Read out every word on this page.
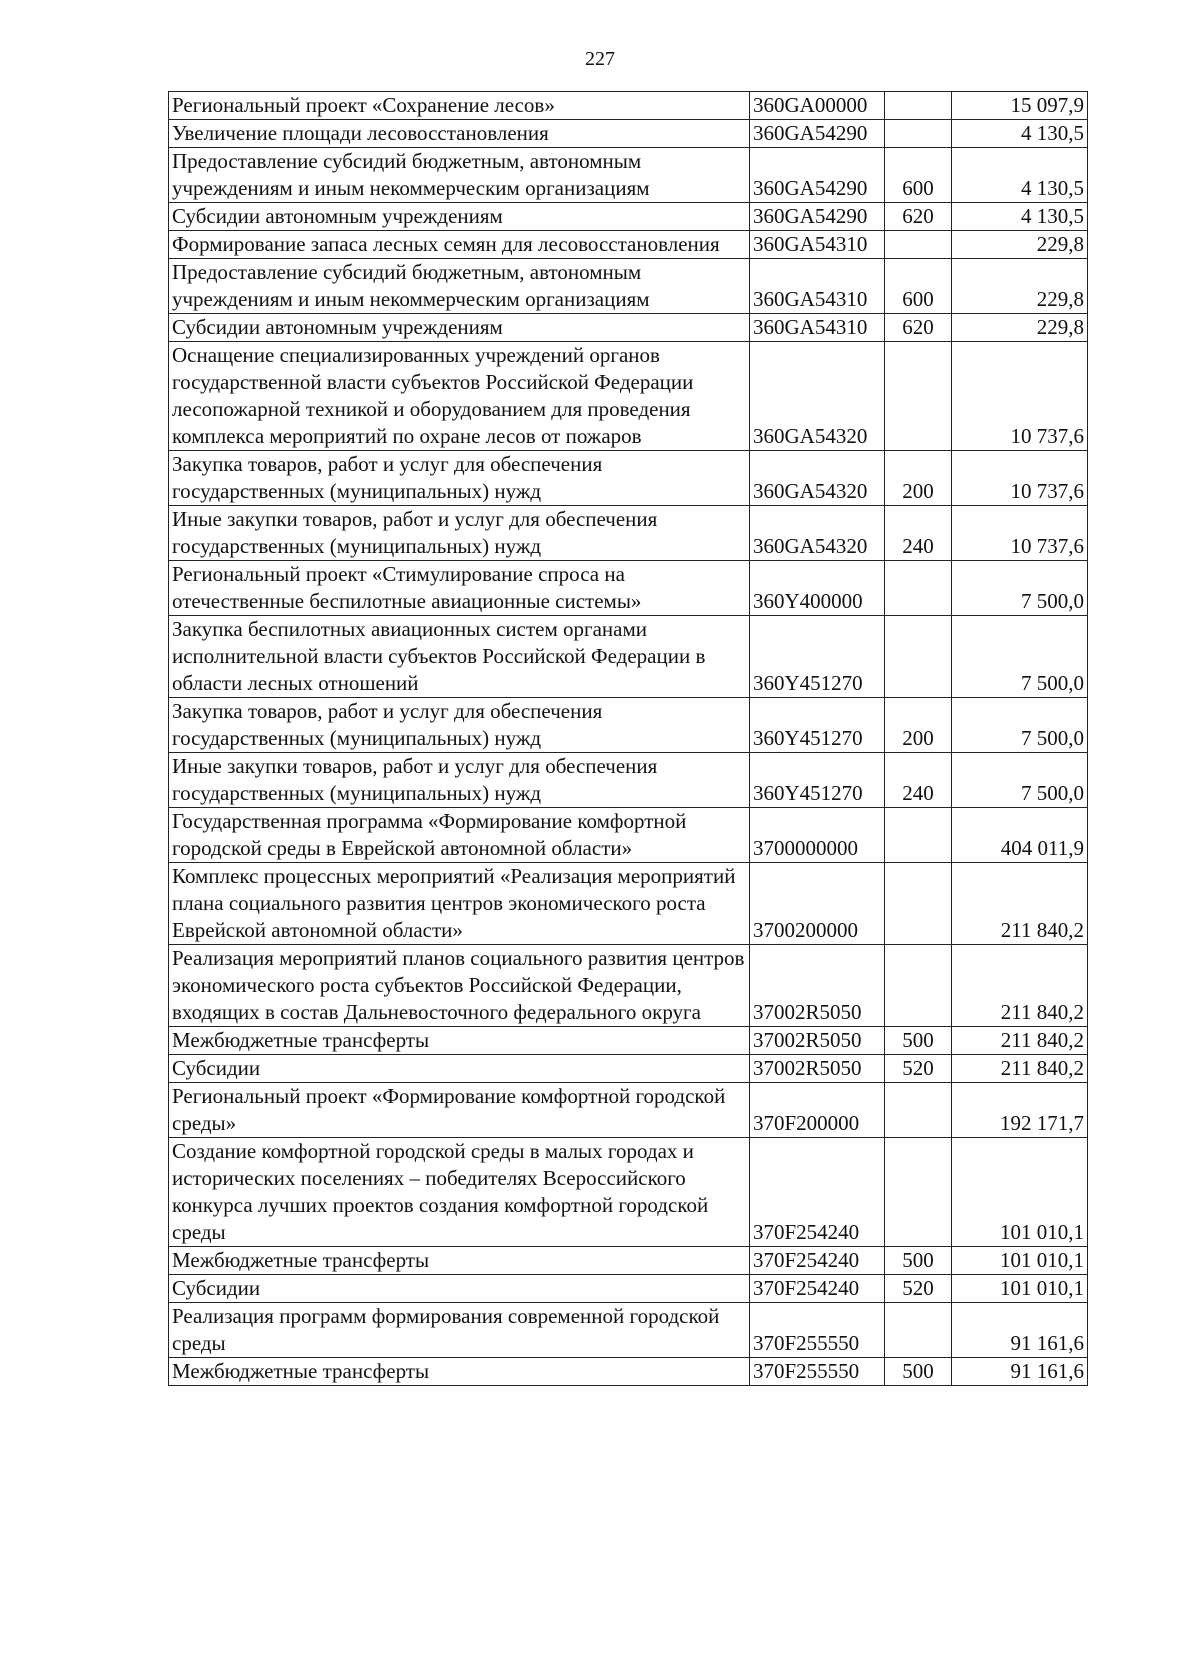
227
Региональный проект «Сохранение лесов»	360GA00000		15 097,9
Увеличение площади лесовосстановления	360GA54290		4 130,5
Предоставление субсидий бюджетным, автономным учреждениям и иным некоммерческим организациям	360GA54290	600	4 130,5
Субсидии автономным учреждениям	360GA54290	620	4 130,5
Формирование запаса лесных семян для лесовосстановления	360GA54310		229,8
Предоставление субсидий бюджетным, автономным учреждениям и иным некоммерческим организациям	360GA54310	600	229,8
Субсидии автономным учреждениям	360GA54310	620	229,8
Оснащение специализированных учреждений органов государственной власти субъектов Российской Федерации лесопожарной техникой и оборудованием для проведения комплекса мероприятий по охране лесов от пожаров	360GA54320		10 737,6
Закупка товаров, работ и услуг для обеспечения государственных (муниципальных) нужд	360GA54320	200	10 737,6
Иные закупки товаров, работ и услуг для обеспечения государственных (муниципальных) нужд	360GA54320	240	10 737,6
Региональный проект «Стимулирование спроса на отечественные беспилотные авиационные системы»	360Y400000		7 500,0
Закупка беспилотных авиационных систем органами исполнительной власти субъектов Российской Федерации в области лесных отношений	360Y451270		7 500,0
Закупка товаров, работ и услуг для обеспечения государственных (муниципальных) нужд	360Y451270	200	7 500,0
Иные закупки товаров, работ и услуг для обеспечения государственных (муниципальных) нужд	360Y451270	240	7 500,0
Государственная программа «Формирование комфортной городской среды в Еврейской автономной области»	3700000000		404 011,9
Комплекс процессных мероприятий «Реализация мероприятий плана социального развития центров экономического роста Еврейской автономной области»	3700200000		211 840,2
Реализация мероприятий планов социального развития центров экономического роста субъектов Российской Федерации, входящих в состав Дальневосточного федерального округа	37002R5050		211 840,2
Межбюджетные трансферты	37002R5050	500	211 840,2
Субсидии	37002R5050	520	211 840,2
Региональный проект «Формирование комфортной городской среды»	370F200000		192 171,7
Создание комфортной городской среды в малых городах и исторических поселениях – победителях Всероссийского конкурса лучших проектов создания комфортной городской среды	370F254240		101 010,1
Межбюджетные трансферты	370F254240	500	101 010,1
Субсидии	370F254240	520	101 010,1
Реализация программ формирования современной городской среды	370F255550		91 161,6
Межбюджетные трансферты	370F255550	500	91 161,6
